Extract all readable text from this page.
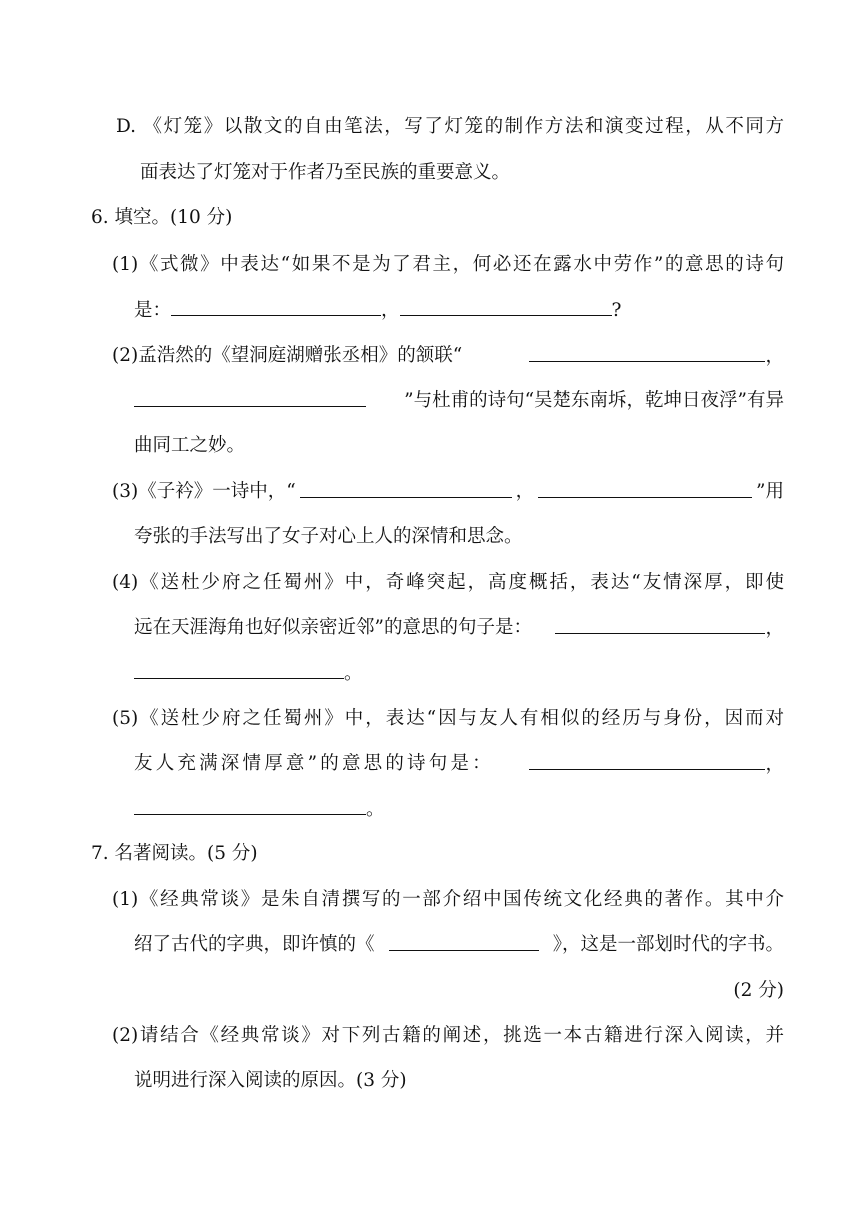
D. 《灯笼》以散文的自由笔法，写了灯笼的制作方法和演变过程，从不同方
面表达了灯笼对于作者乃至民族的重要意义。
6. 填空。(10 分)
(1)《式微》中表达“如果不是为了君主，何必还在露水中劳作”的意思的诗句
是：	，	?
(2)孟浩然的《望洞庭湖赠张丞相》的颔联“	，
”与杜甫的诗句“吴楚东南坼，乾坤日夜浮”有异
曲同工之妙。
(3)《子衿》一诗中，“	，	”用
夸张的手法写出了女子对心上人的深情和思念。
(4)《送杜少府之任蜀州》中，奇峰突起，高度概括，表达“友情深厚，即使
远在天涯海角也好似亲密近邻”的意思的句子是：	，
。
(5)《送杜少府之任蜀州》中，表达“因与友人有相似的经历与身份，因而对
友人充满深情厚意”的意思的诗句是：	，
。
7. 名著阅读。(5 分)
(1)《经典常谈》是朱自清撰写的一部介绍中国传统文化经典的著作。其中介
绍了古代的字典，即许慎的《	》，这是一部划时代的字书。
(2 分)
(2)请结合《经典常谈》对下列古籍的阐述，挑选一本古籍进行深入阅读，并
说明进行深入阅读的原因。(3 分)
